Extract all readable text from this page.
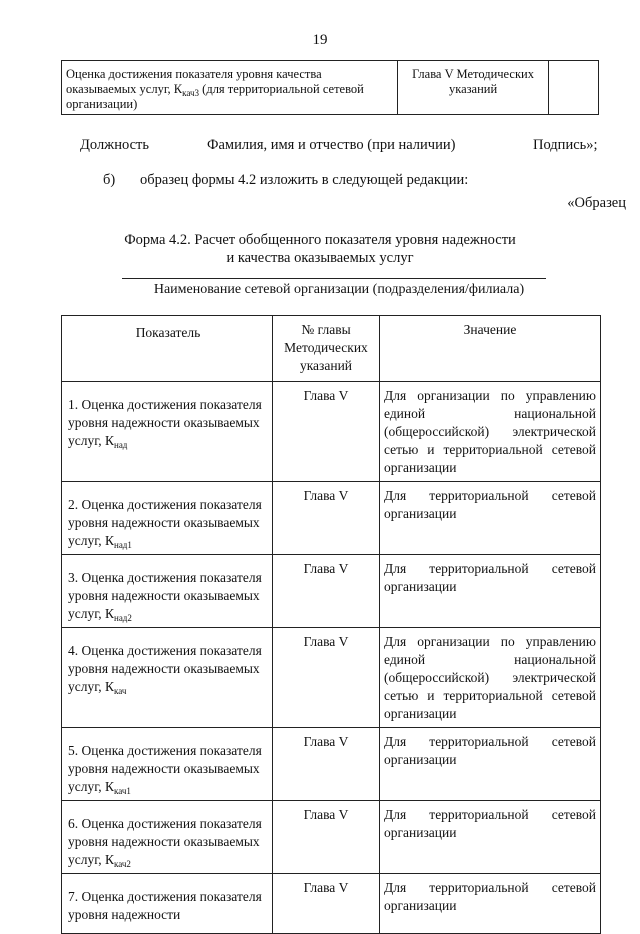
19
Оценка достижения показателя уровня качества оказываемых услуг, $К_{кач3}$ (для территориальной сетевой организации)	Глава V Методических указаний	
Должность	Фамилия, имя и отчество (при наличии)	Подпись»;
б) образец формы 4.2 изложить в следующей редакции:
«Образец
Форма 4.2. Расчет обобщенного показателя уровня надежности
и качества оказываемых услуг
Наименование сетевой организации (подразделения/филиала)
Показатель	№ главы Методических указаний	Значение
1. Оценка достижения показателя уровня надежности оказываемых услуг, $К_{над}$	Глава V	Для организации по управлению единой национальной (общероссийской) электрической сетью и территориальной сетевой организации
2. Оценка достижения показателя уровня надежности оказываемых услуг, $К_{над1}$	Глава V	Для территориальной сетевой организации
3. Оценка достижения показателя уровня надежности оказываемых услуг, $К_{над2}$	Глава V	Для территориальной сетевой организации
4. Оценка достижения показателя уровня надежности оказываемых услуг, $К_{кач}$	Глава V	Для организации по управлению единой национальной (общероссийской) электрической сетью и территориальной сетевой организации
5. Оценка достижения показателя уровня надежности оказываемых услуг, $К_{кач1}$	Глава V	Для территориальной сетевой организации
6. Оценка достижения показателя уровня надежности оказываемых услуг, $К_{кач2}$	Глава V	Для территориальной сетевой организации
7. Оценка достижения показателя уровня надежности	Глава V	Для территориальной сетевой организации
